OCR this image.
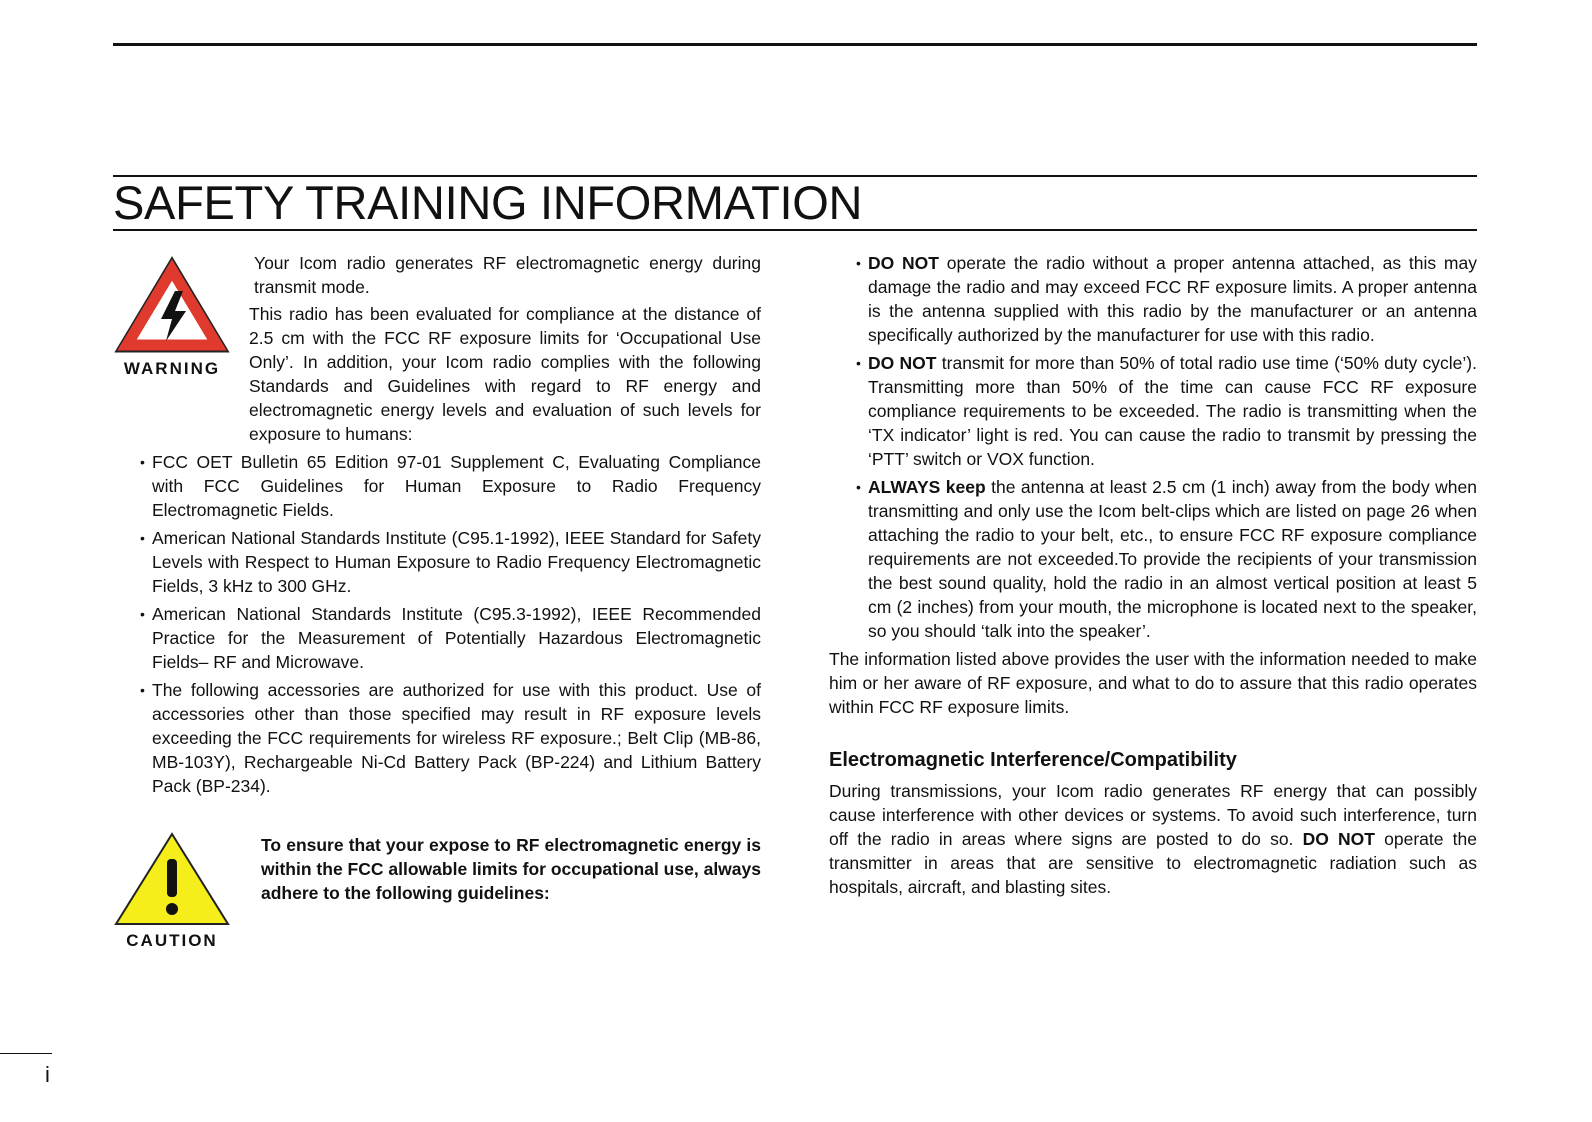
SAFETY TRAINING INFORMATION
WARNING

Your Icom radio generates RF electromagnetic energy during transmit mode.

This radio has been evaluated for compliance at the distance of 2.5 cm with the FCC RF exposure limits for ‘Occupational Use Only’. In addition, your Icom radio complies with the following Standards and Guidelines with regard to RF energy and electromagnetic energy levels and evaluation of such levels for exposure to humans:

• FCC OET Bulletin 65 Edition 97-01 Supplement C, Evaluating Compliance with FCC Guidelines for Human Exposure to Radio Frequency Electromagnetic Fields.
• American National Standards Institute (C95.1-1992), IEEE Standard for Safety Levels with Respect to Human Exposure to Radio Frequency Electromagnetic Fields, 3 kHz to 300 GHz.
• American National Standards Institute (C95.3-1992), IEEE Recommended Practice for the Measurement of Potentially Hazardous Electromagnetic Fields– RF and Microwave.
• The following accessories are authorized for use with this product. Use of accessories other than those specified may result in RF exposure levels exceeding the FCC requirements for wireless RF exposure.; Belt Clip (MB-86, MB-103Y), Rechargeable Ni-Cd Battery Pack (BP-224) and Lithium Battery Pack (BP-234).
CAUTION

To ensure that your expose to RF electromagnetic energy is within the FCC allowable limits for occupational use, always adhere to the following guidelines:

• DO NOT operate the radio without a proper antenna attached, as this may damage the radio and may exceed FCC RF exposure limits. A proper antenna is the antenna supplied with this radio by the manufacturer or an antenna specifically authorized by the manufacturer for use with this radio.
• DO NOT transmit for more than 50% of total radio use time (‘50% duty cycle’). Transmitting more than 50% of the time can cause FCC RF exposure compliance requirements to be exceeded. The radio is transmitting when the ‘TX indicator’ light is red. You can cause the radio to transmit by pressing the ‘PTT’ switch or VOX function.
• ALWAYS keep the antenna at least 2.5 cm (1 inch) away from the body when transmitting and only use the Icom belt-clips which are listed on page 26 when attaching the radio to your belt, etc., to ensure FCC RF exposure compliance requirements are not exceeded.To provide the recipients of your transmission the best sound quality, hold the radio in an almost vertical position at least 5 cm (2 inches) from your mouth, the microphone is located next to the speaker, so you should ‘talk into the speaker’.

The information listed above provides the user with the information needed to make him or her aware of RF exposure, and what to do to assure that this radio operates within FCC RF exposure limits.

Electromagnetic Interference/Compatibility

During transmissions, your Icom radio generates RF energy that can possibly cause interference with other devices or systems. To avoid such interference, turn off the radio in areas where signs are posted to do so. DO NOT operate the transmitter in areas that are sensitive to electromagnetic radiation such as hospitals, aircraft, and blasting sites.

i
